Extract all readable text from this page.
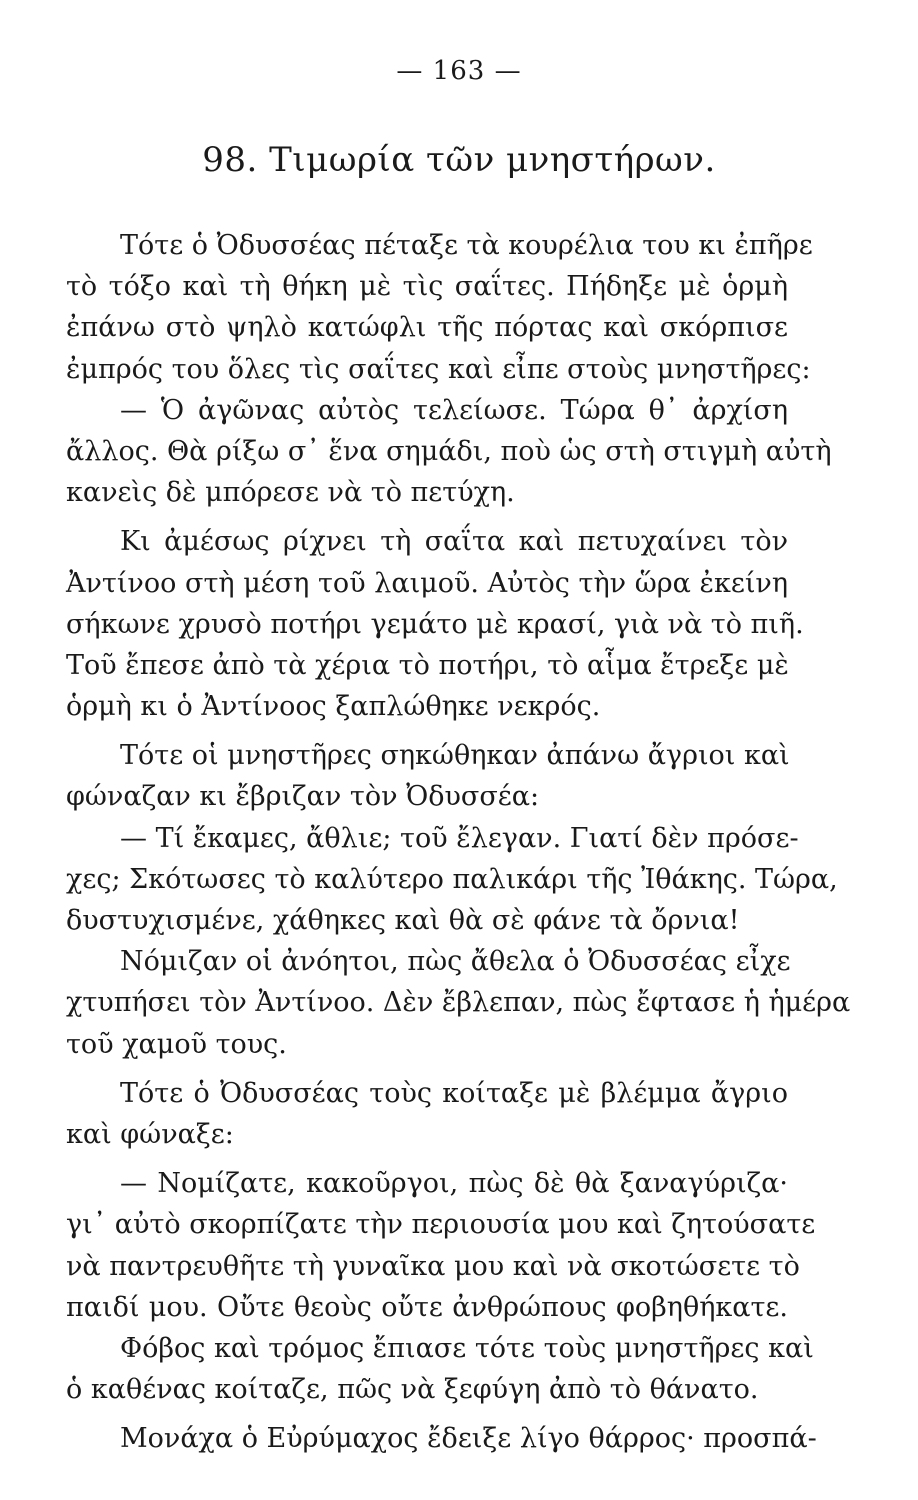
— 163 —
98. Τιμωρία τῶν μνηστήρων.
Τότε ὁ Ὀδυσσέας πέταξε τὰ κουρέλια του κι ἐπῆρε
τὸ τόξο καὶ τὴ θήκη μὲ τὶς σαΐτες. Πήδηξε μὲ ὁρμὴ
ἐπάνω στὸ ψηλὸ κατώφλι τῆς πόρτας καὶ σκόρπισε
ἐμπρός του ὅλες τὶς σαΐτες καὶ εἶπε στοὺς μνηστῆρες:
— Ὁ ἀγῶνας αὐτὸς τελείωσε. Τώρα θ᾽ ἀρχίση
ἄλλος. Θὰ ρίξω σ᾽ ἕνα σημάδι, ποὺ ὡς στὴ στιγμὴ αὐτὴ
κανεὶς δὲ μπόρεσε νὰ τὸ πετύχη.
Κι ἀμέσως ρίχνει τὴ σαΐτα καὶ πετυχαίνει τὸν
Ἀντίνοο στὴ μέση τοῦ λαιμοῦ. Αὐτὸς τὴν ὥρα ἐκείνη
σήκωνε χρυσὸ ποτήρι γεμάτο μὲ κρασί, γιὰ νὰ τὸ πιῆ.
Τοῦ ἔπεσε ἀπὸ τὰ χέρια τὸ ποτήρι, τὸ αἷμα ἔτρεξε μὲ
ὁρμὴ κι ὁ Ἀντίνοος ξαπλώθηκε νεκρός.
Τότε οἱ μνηστῆρες σηκώθηκαν ἀπάνω ἄγριοι καὶ
φώναζαν κι ἔβριζαν τὸν Ὀδυσσέα:
— Τί ἔκαμες, ἄθλιε; τοῦ ἔλεγαν. Γιατί δὲν πρόσε-
χες; Σκότωσες τὸ καλύτερο παλικάρι τῆς Ἰθάκης. Τώρα,
δυστυχισμένε, χάθηκες καὶ θὰ σὲ φάνε τὰ ὄρνια!
Νόμιζαν οἱ ἀνόητοι, πὼς ἄθελα ὁ Ὀδυσσέας εἶχε
χτυπήσει τὸν Ἀντίνοο. Δὲν ἔβλεπαν, πὼς ἔφτασε ἡ ἡμέρα
τοῦ χαμοῦ τους.
Τότε ὁ Ὀδυσσέας τοὺς κοίταξε μὲ βλέμμα ἄγριο
καὶ φώναξε:
— Νομίζατε, κακοῦργοι, πὼς δὲ θὰ ξαναγύριζα·
γι᾽ αὐτὸ σκορπίζατε τὴν περιουσία μου καὶ ζητούσατε
νὰ παντρευθῆτε τὴ γυναῖκα μου καὶ νὰ σκοτώσετε τὸ
παιδί μου. Οὔτε θεοὺς οὔτε ἀνθρώπους φοβηθήκατε.
Φόβος καὶ τρόμος ἔπιασε τότε τοὺς μνηστῆρες καὶ
ὁ καθένας κοίταζε, πῶς νὰ ξεφύγη ἀπὸ τὸ θάνατο.
Μονάχα ὁ Εὐρύμαχος ἔδειξε λίγο θάρρος· προσπά-
